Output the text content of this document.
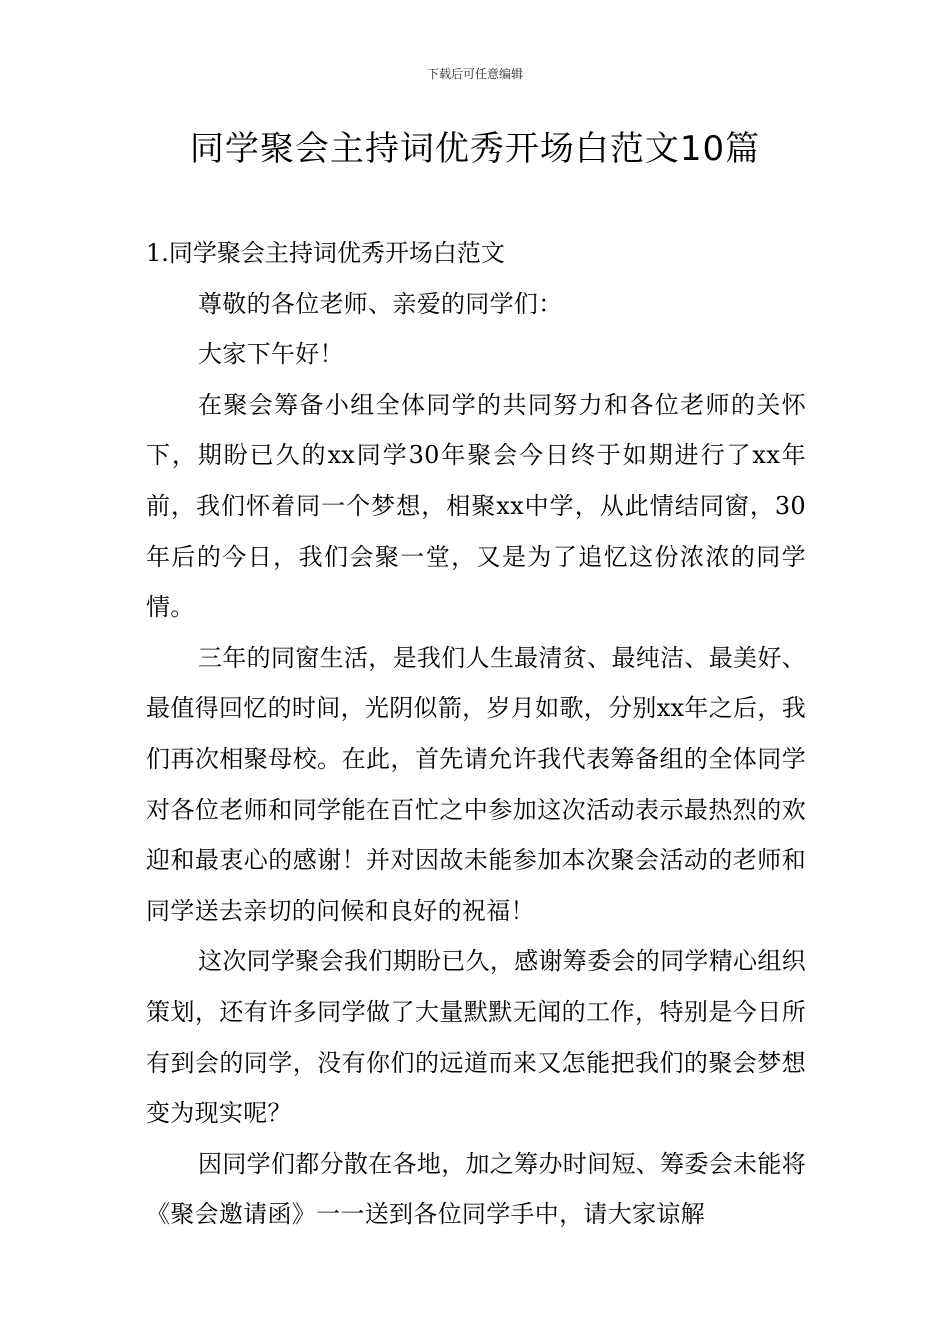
下载后可任意编辑
同学聚会主持词优秀开场白范文10篇
1.同学聚会主持词优秀开场白范文

尊敬的各位老师、亲爱的同学们：

大家下午好！

在聚会筹备小组全体同学的共同努力和各位老师的关怀下，期盼已久的xx同学30年聚会今日终于如期进行了xx年前，我们怀着同一个梦想，相聚xx中学，从此情结同窗，30年后的今日，我们会聚一堂，又是为了追忆这份浓浓的同学情。

三年的同窗生活，是我们人生最清贫、最纯洁、最美好、最值得回忆的时间，光阴似箭，岁月如歌，分别xx年之后，我们再次相聚母校。在此，首先请允许我代表筹备组的全体同学对各位老师和同学能在百忙之中参加这次活动表示最热烈的欢迎和最衷心的感谢！并对因故未能参加本次聚会活动的老师和同学送去亲切的问候和良好的祝福！

这次同学聚会我们期盼已久，感谢筹委会的同学精心组织策划，还有许多同学做了大量默默无闻的工作，特别是今日所有到会的同学，没有你们的远道而来又怎能把我们的聚会梦想变为现实呢？

因同学们都分散在各地，加之筹办时间短、筹委会未能将《聚会邀请函》一一送到各位同学手中，请大家谅解
